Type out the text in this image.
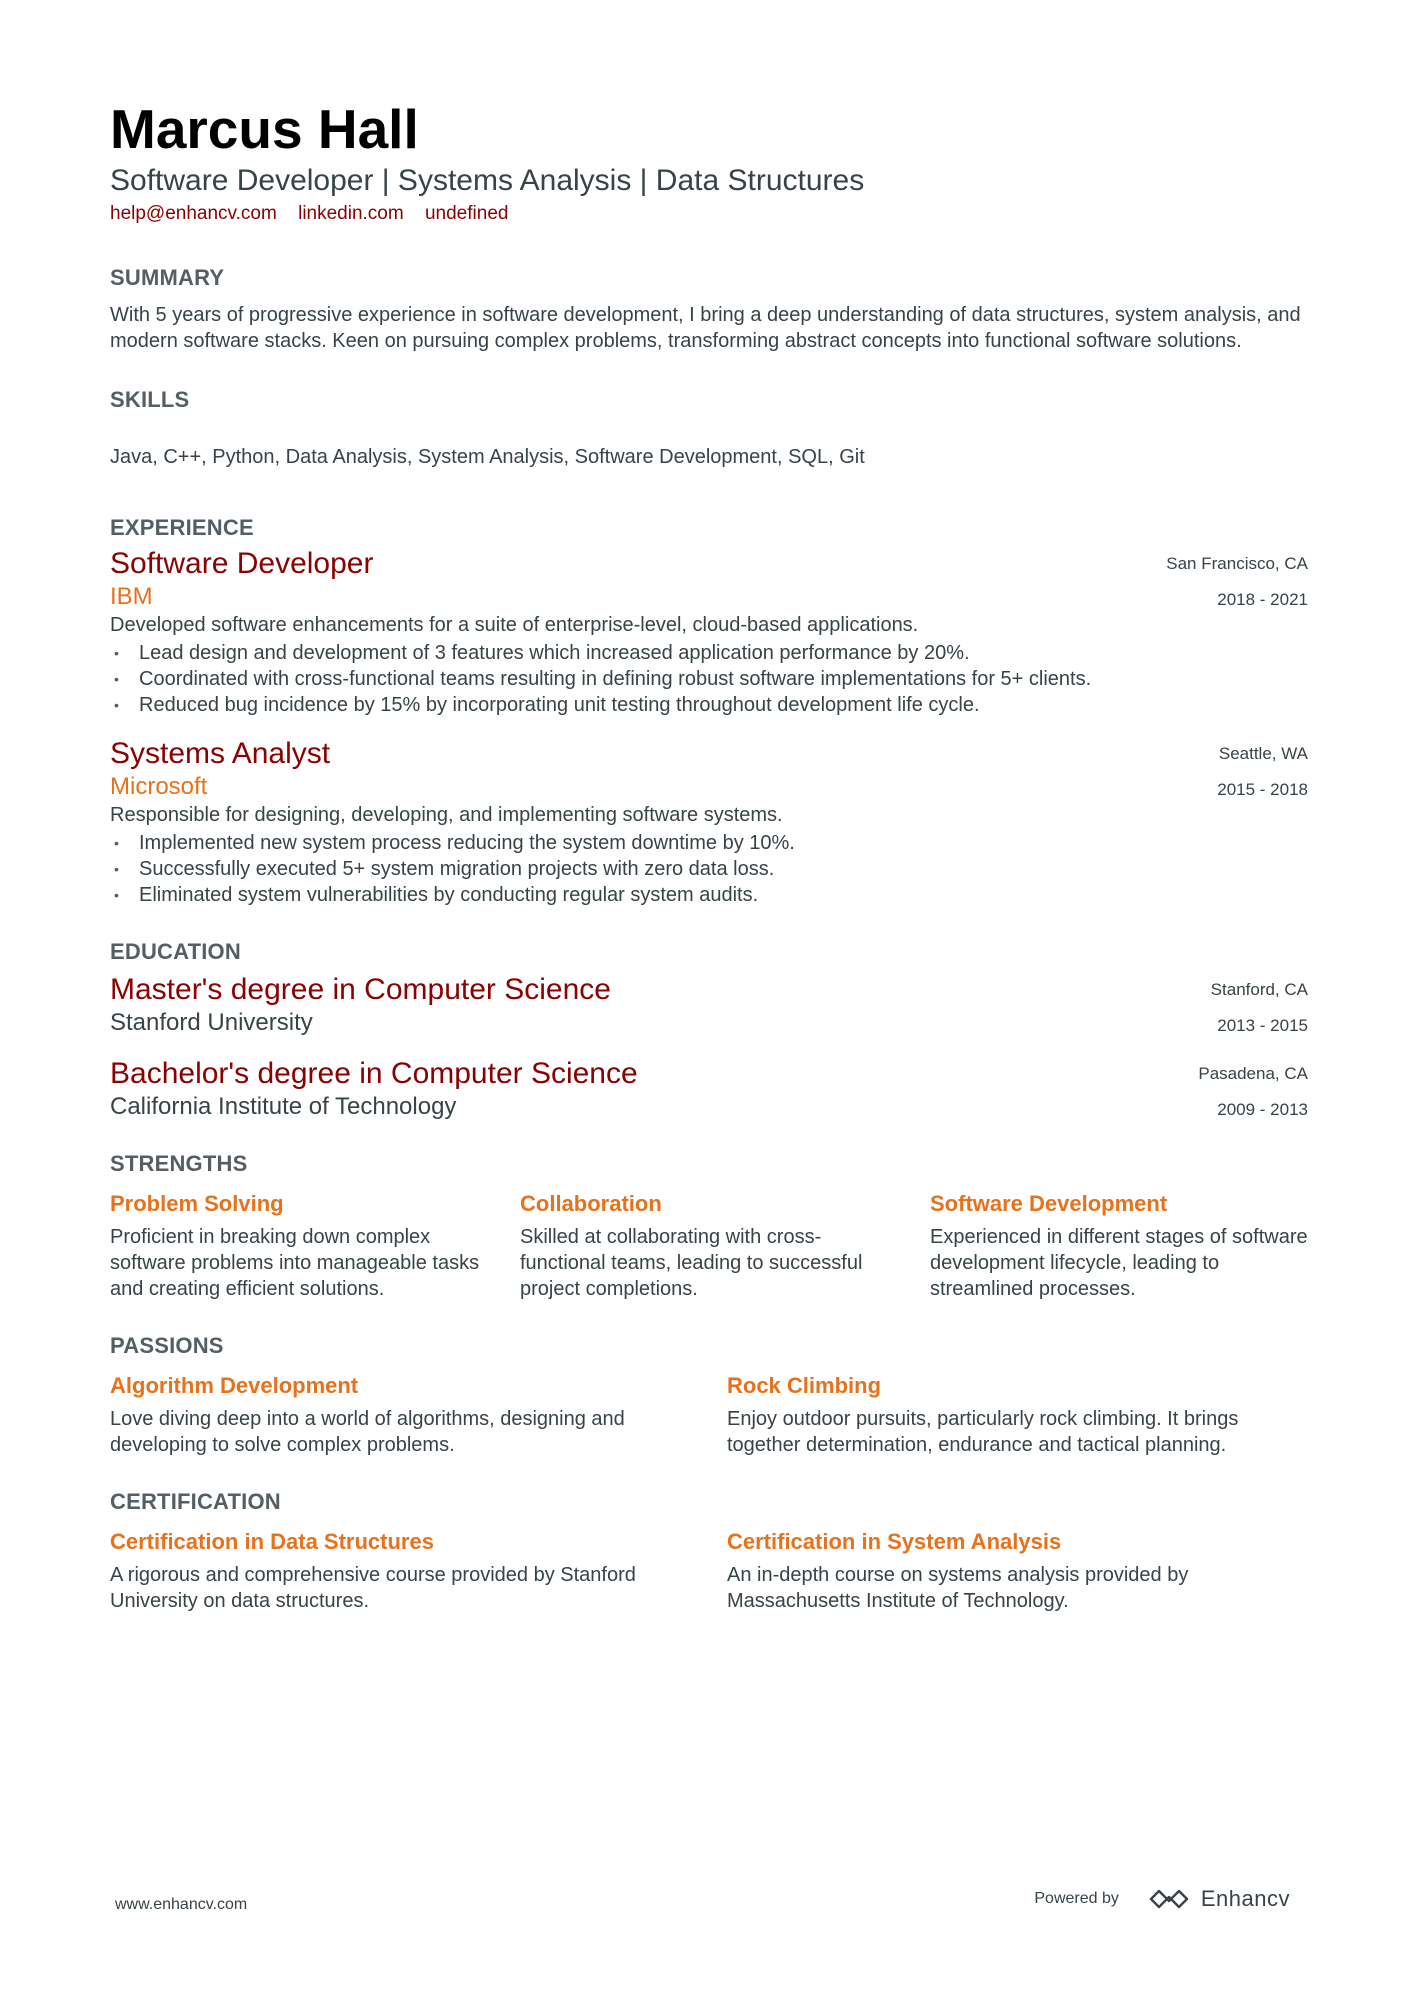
Marcus Hall
Software Developer | Systems Analysis | Data Structures
help@enhancv.com linkedin.com undefined
SUMMARY
With 5 years of progressive experience in software development, I bring a deep understanding of data structures, system analysis, and modern software stacks. Keen on pursuing complex problems, transforming abstract concepts into functional software solutions.
SKILLS
Java, C++, Python, Data Analysis, System Analysis, Software Development, SQL, Git
EXPERIENCE
Software Developer
IBM
San Francisco, CA
2018 - 2021
Developed software enhancements for a suite of enterprise-level, cloud-based applications.
• Lead design and development of 3 features which increased application performance by 20%.
• Coordinated with cross-functional teams resulting in defining robust software implementations for 5+ clients.
• Reduced bug incidence by 15% by incorporating unit testing throughout development life cycle.
Systems Analyst
Microsoft
Seattle, WA
2015 - 2018
Responsible for designing, developing, and implementing software systems.
• Implemented new system process reducing the system downtime by 10%.
• Successfully executed 5+ system migration projects with zero data loss.
• Eliminated system vulnerabilities by conducting regular system audits.
EDUCATION
Master's degree in Computer Science
Stanford University
Stanford, CA
2013 - 2015
Bachelor's degree in Computer Science
California Institute of Technology
Pasadena, CA
2009 - 2013
STRENGTHS
Problem Solving
Proficient in breaking down complex software problems into manageable tasks and creating efficient solutions.
Collaboration
Skilled at collaborating with cross-functional teams, leading to successful project completions.
Software Development
Experienced in different stages of software development lifecycle, leading to streamlined processes.
PASSIONS
Algorithm Development
Love diving deep into a world of algorithms, designing and developing to solve complex problems.
Rock Climbing
Enjoy outdoor pursuits, particularly rock climbing. It brings together determination, endurance and tactical planning.
CERTIFICATION
Certification in Data Structures
A rigorous and comprehensive course provided by Stanford University on data structures.
Certification in System Analysis
An in-depth course on systems analysis provided by Massachusetts Institute of Technology.
www.enhancv.com	Powered by	Enhancv
